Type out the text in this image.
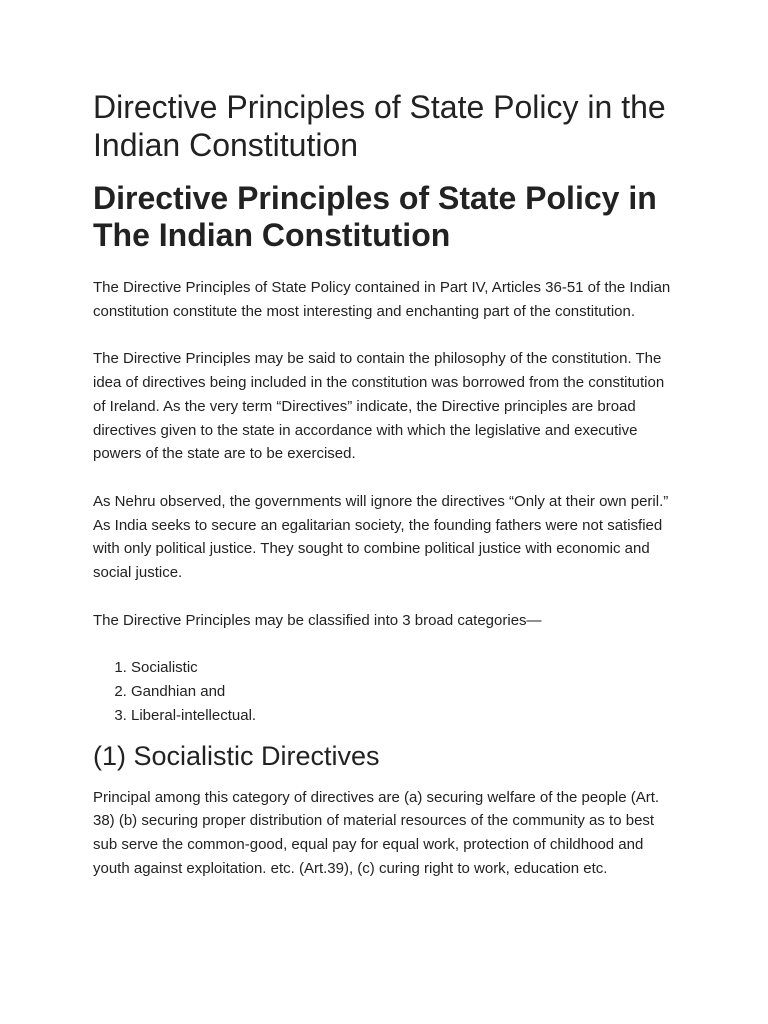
Directive Principles of State Policy in the Indian Constitution
Directive Principles of State Policy in The Indian Constitution

The Directive Principles of State Policy contained in Part IV, Articles 36-51 of the Indian constitution constitute the most interesting and enchanting part of the constitution.

The Directive Principles may be said to contain the philosophy of the constitution. The idea of directives being included in the constitution was borrowed from the constitution of Ireland. As the very term “Directives” indicate, the Directive principles are broad directives given to the state in accordance with which the legislative and executive powers of the state are to be exercised.

As Nehru observed, the governments will ignore the directives “Only at their own peril.” As India seeks to secure an egalitarian society, the founding fathers were not satisfied with only political justice. They sought to combine political justice with economic and social justice.

The Directive Principles may be classified into 3 broad categories—

1. Socialistic
2. Gandhian and
3. Liberal-intellectual.
(1) Socialistic Directives

Principal among this category of directives are (a) securing welfare of the people (Art. 38) (b) securing proper distribution of material resources of the community as to best sub serve the common-good, equal pay for equal work, protection of childhood and youth against exploitation. etc. (Art.39), (c) curing right to work, education etc.
